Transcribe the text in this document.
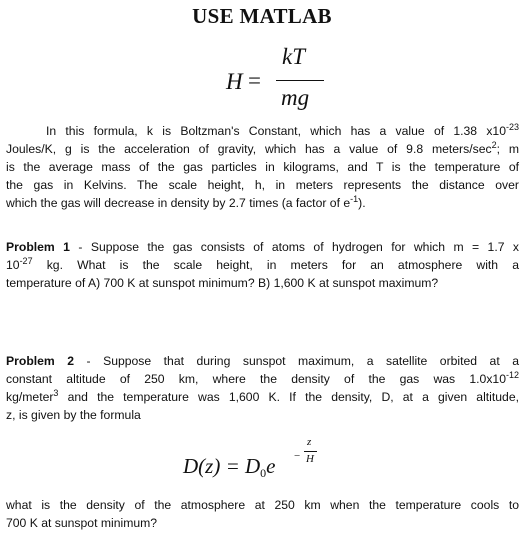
USE MATLAB
H =
kT
mg
In this formula, k is Boltzman's Constant, which has a value of 1.38 $x10^{-23}$
Joules/K, g is the acceleration of gravity, which has a value of 9.8 meters/$\sec^2$; m
is the average mass of the gas particles in kilograms, and T is the temperature of
the gas in Kelvins. The scale height, h, in meters represents the distance over
which the gas will decrease in density by 2.7 times (a factor of $e^{-1}$).
Problem 1 - Suppose the gas consists of atoms of hydrogen for which m = 1.7 x
$10^{-27}$ kg. What is the scale height, in meters for an atmosphere with a
temperature of A) 700 K at sunspot minimum? B) 1,600 K at sunspot maximum?
Problem 2 - Suppose that during sunspot maximum, a satellite orbited at a
constant altitude of 250 km, where the density of the gas was $1.0x10^{-12}$
kg/meter$^3$ and the temperature was 1,600 K. If the density, D, at a given altitude,
z, is given by the formula
D(z) = D0e −
z
H
what is the density of the atmosphere at 250 km when the temperature cools to
700 K at sunspot minimum?
